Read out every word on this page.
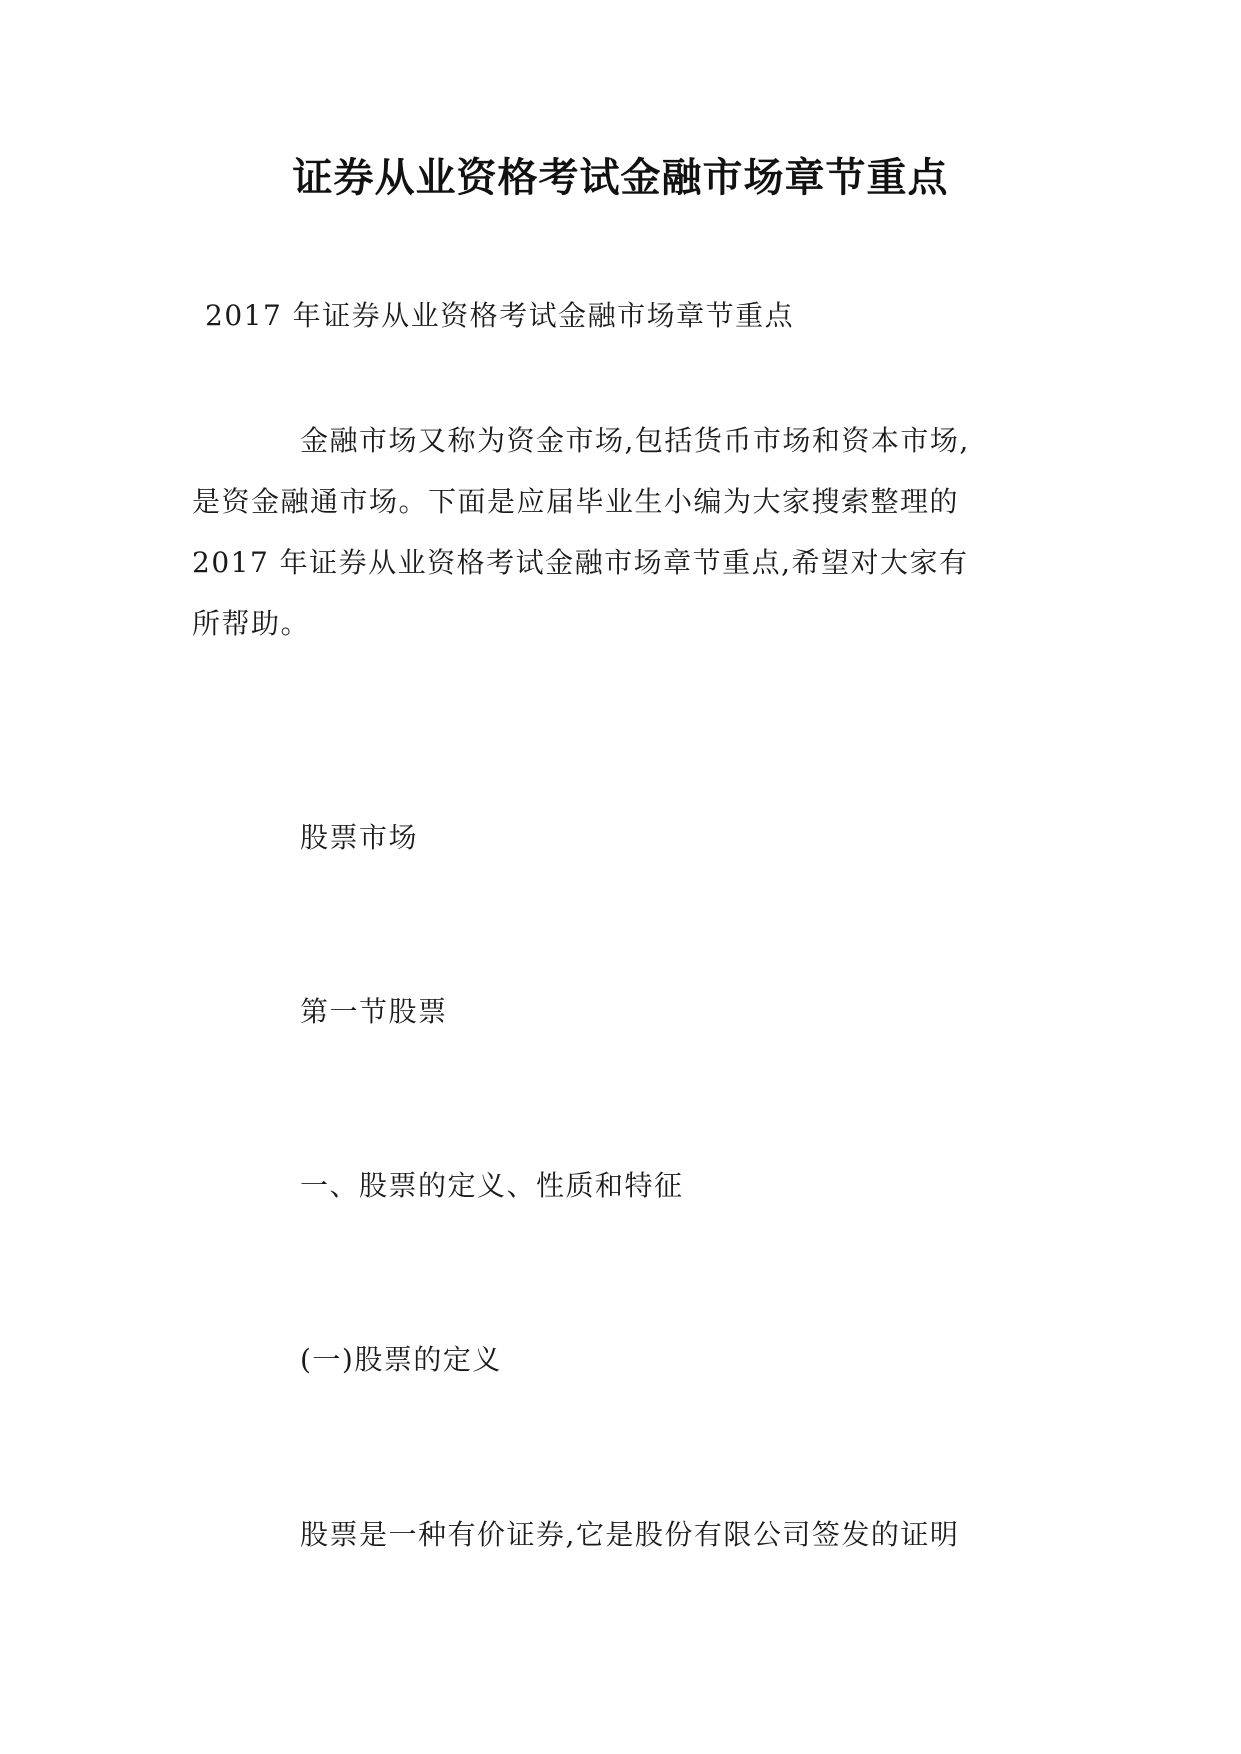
证券从业资格考试金融市场章节重点

2017 年证券从业资格考试金融市场章节重点

金融市场又称为资金市场,包括货币市场和资本市场,
是资金融通市场。下面是应届毕业生小编为大家搜索整理的
2017 年证券从业资格考试金融市场章节重点,希望对大家有
所帮助。

股票市场

第一节股票

一、股票的定义、性质和特征

(一)股票的定义

股票是一种有价证券,它是股份有限公司签发的证明
